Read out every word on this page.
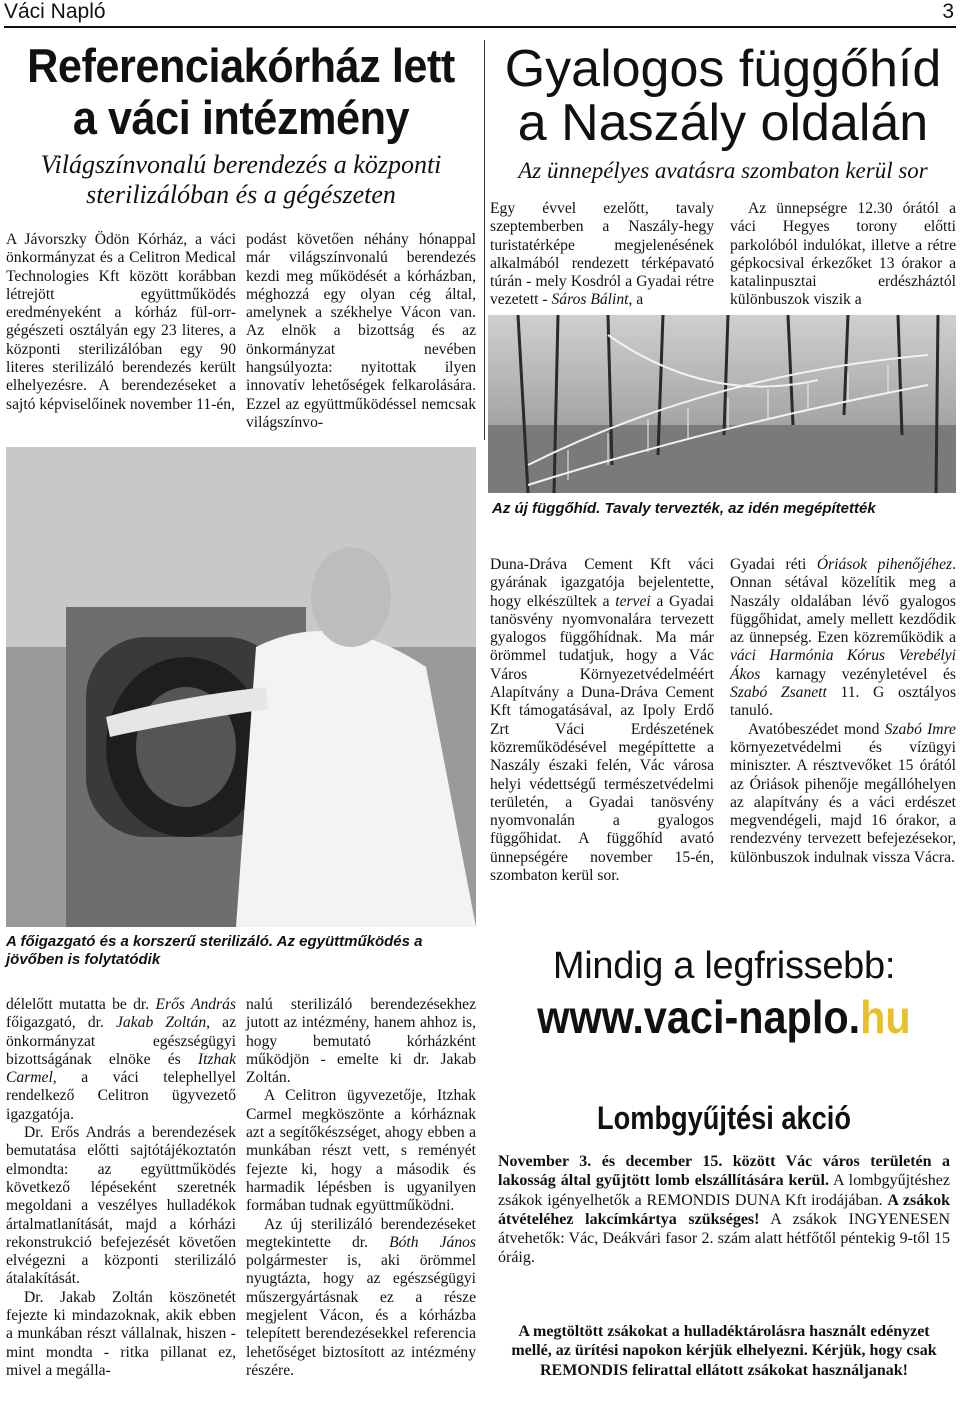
Váci Napló	3
Referenciakórház lett
a váci intézmény
Világszínvonalú berendezés a központi
sterilizálóban és a gégészeten
Gyalogos függőhíd
a Naszály oldalán
Az ünnepélyes avatásra szombaton kerül sor

A Jávorszky Ödön Kórház, a váci önkormányzat és a Celitron Medical Technologies Kft között korábban létrejött együttműködés eredményeként a kórház fül-orr-gégészeti osztályán egy 23 literes, a központi sterilizálóban egy 90 literes sterilizáló berendezés került elhelyezésre. A berendezéseket a sajtó képviselőinek november 11-én,

podást követően néhány hónappal már világszínvonalú berendezés kezdi meg működését a kórházban, méghozzá egy olyan cég által, amelynek a székhelye Vácon van. Az elnök a bizottság és az önkormányzat nevében hangsúlyozta: nyitottak ilyen innovatív lehetőségek felkarolására. Ezzel az együttműködéssel nemcsak világszínvo-

Egy évvel ezelőtt, tavaly szeptemberben a Naszály-hegy turistatérképe megjelenésének alkalmából rendezett térképavató túrán - mely Kosdról a Gyadai rétre vezetett - Sáros Bálint, a

Az ünnepségre 12.30 órától a váci Hegyes torony előtti parkolóból indulókat, illetve a rétre gépkocsival érkezőket 13 órakor a katalinpusztai erdészháztól különbuszok viszik a

Az új függőhíd. Tavaly tervezték, az idén megépítették
A főigazgató és a korszerű sterilizáló. Az együttműködés a jövőben is folytatódik

délelőtt mutatta be dr. Erős András főigazgató, dr. Jakab Zoltán, az önkormányzat egészségügyi bizottságának elnöke és Itzhak Carmel, a váci telephellyel rendelkező Celitron ügyvezető igazgatója.

Dr. Erős András a berendezések bemutatása előtti sajtótájékoztatón elmondta: az együttműködés következő lépéseként szeretnék megoldani a veszélyes hulladékok ártalmatlanítását, majd a kórházi rekonstrukció befejezését követően elvégezni a központi sterilizáló átalakítását.

Dr. Jakab Zoltán köszönetét fejezte ki mindazoknak, akik ebben a munkában részt vállalnak, hiszen - mint mondta - ritka pillanat ez, mivel a megálla-

nalú sterilizáló berendezésekhez jutott az intézmény, hanem ahhoz is, hogy bemutató kórházként működjön - emelte ki dr. Jakab Zoltán.

A Celitron ügyvezetője, Itzhak Carmel megköszönte a kórháznak azt a segítőkészséget, ahogy ebben a munkában részt vett, s reményét fejezte ki, hogy a második és harmadik lépésben is ugyanilyen formában tudnak együttműködni.

Az új sterilizáló berendezéseket megtekintette dr. Bóth János polgármester is, aki örömmel nyugtázta, hogy az egészségügyi műszergyártásnak ez a része megjelent Vácon, és a kórházba telepített berendezésekkel referencia lehetőséget biztosított az intézmény részére.

Duna-Dráva Cement Kft váci gyárának igazgatója bejelentette, hogy elkészültek a tervei a Gyadai tanösvény nyomvonalára tervezett gyalogos függőhídnak. Ma már örömmel tudatjuk, hogy a Vác Város Környezetvédelméért Alapítvány a Duna-Dráva Cement Kft támogatásával, az Ipoly Erdő Zrt Váci Erdészetének közreműködésével megépíttette a Naszály északi felén, Vác városa helyi védettségű természetvédelmi területén, a Gyadai tanösvény nyomvonalán a gyalogos függőhidat. A függőhíd avató ünnepségére november 15-én, szombaton kerül sor.

Gyadai réti Óriások pihenőjéhez. Onnan sétával közelítik meg a Naszály oldalában lévő gyalogos függőhidat, amely mellett kezdődik az ünnepség. Ezen közreműködik a váci Harmónia Kórus Verebélyi Ákos karnagy vezényletével és Szabó Zsanett 11. G osztályos tanuló.

Avatóbeszédet mond Szabó Imre környezetvédelmi és vízügyi miniszter. A résztvevőket 15 órától az Óriások pihenője megállóhelyen az alapítvány és a váci erdészet megvendégeli, majd 16 órakor, a rendezvény tervezett befejezésekor, különbuszok indulnak vissza Vácra.

Mindig a legfrissebb:
www.vaci-naplo.hu
Lombgyűjtési akció
November 3. és december 15. között Vác város területén a lakosság által gyűjtött lomb elszállítására kerül. A lombgyűjtéshez zsákok igényelhetők a REMONDIS DUNA Kft irodájában. A zsákok átvételéhez lakcímkártya szükséges! A zsákok INGYENESEN átvehetők: Vác, Deákvári fasor 2. szám alatt hétfőtől péntekig 9-től 15 óráig.
A megtöltött zsákokat a hulladéktárolásra használt edényzet mellé, az ürítési napokon kérjük elhelyezni. Kérjük, hogy csak REMONDIS felirattal ellátott zsákokat használjanak!
